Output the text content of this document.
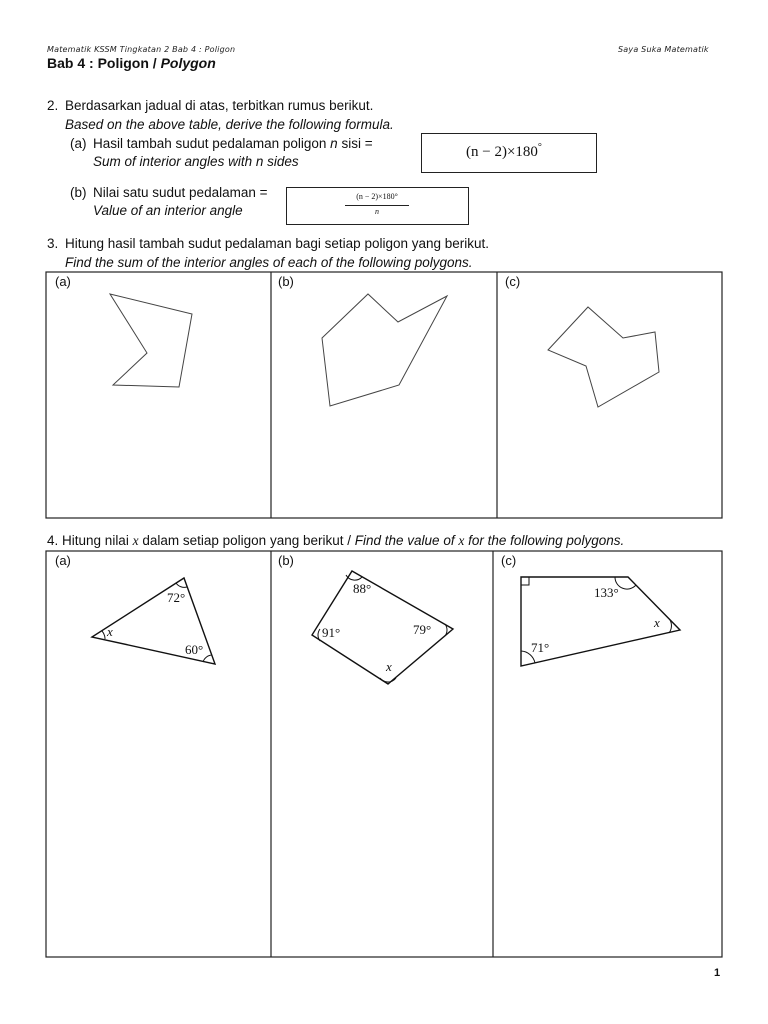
Matematik KSSM Tingkatan 2 Bab 4 : Poligon	Saya Suka Matematik
Bab 4 : Poligon / Polygon
2. Berdasarkan jadual di atas, terbitkan rumus berikut.
Based on the above table, derive the following formula.
(a) Hasil tambah sudut pedalaman poligon n sisi =
Sum of interior angles with n sides
(n − 2)×180°
(b) Nilai satu sudut pedalaman =
Value of an interior angle
(n − 2)×180°
n
3. Hitung hasil tambah sudut pedalaman bagi setiap poligon yang berikut.
Find the sum of the interior angles of each of the following polygons.
4. Hitung nilai x dalam setiap poligon yang berikut / Find the value of x for the following polygons.
72°
x
60°
88°
91°	79°
x
133°
x
71°
(a)	(b)	(c)
(a)	(b)	(c)
1
